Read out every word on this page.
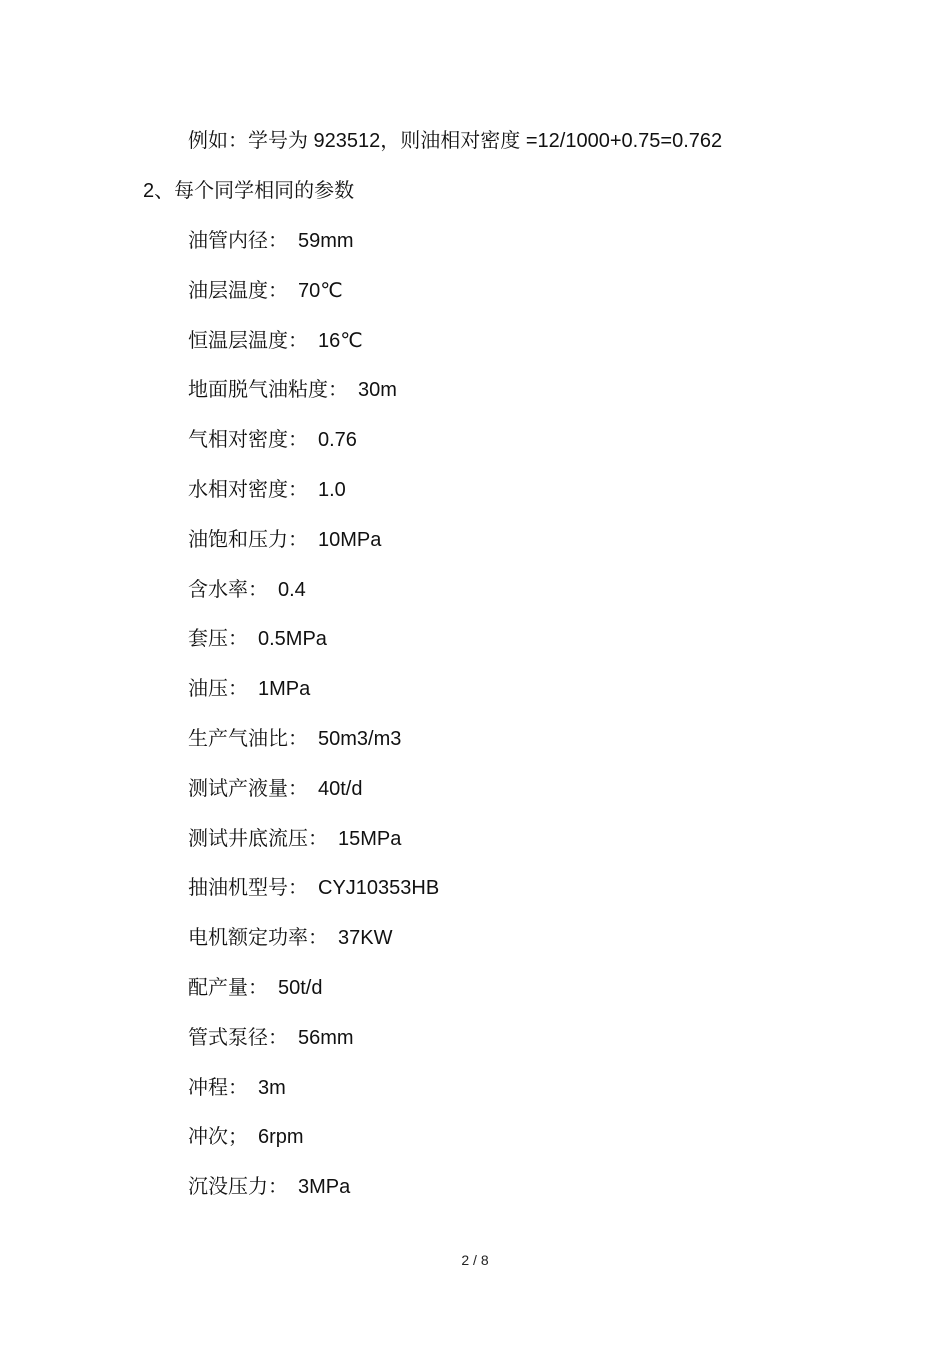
例如：学号为 923512，则油相对密度 =12/1000+0.75=0.762
2、每个同学相同的参数
油管内径： 59mm
油层温度： 70℃
恒温层温度： 16℃
地面脱气油粘度： 30m
气相对密度： 0.76
水相对密度： 1.0
油饱和压力： 10MPa
含水率： 0.4
套压： 0.5MPa
油压： 1MPa
生产气油比： 50m3/m3
测试产液量： 40t/d
测试井底流压： 15MPa
抽油机型号： CYJ10353HB
电机额定功率： 37KW
配产量： 50t/d
管式泵径： 56mm
冲程： 3m
冲次； 6rpm
沉没压力： 3MPa
2 / 8
